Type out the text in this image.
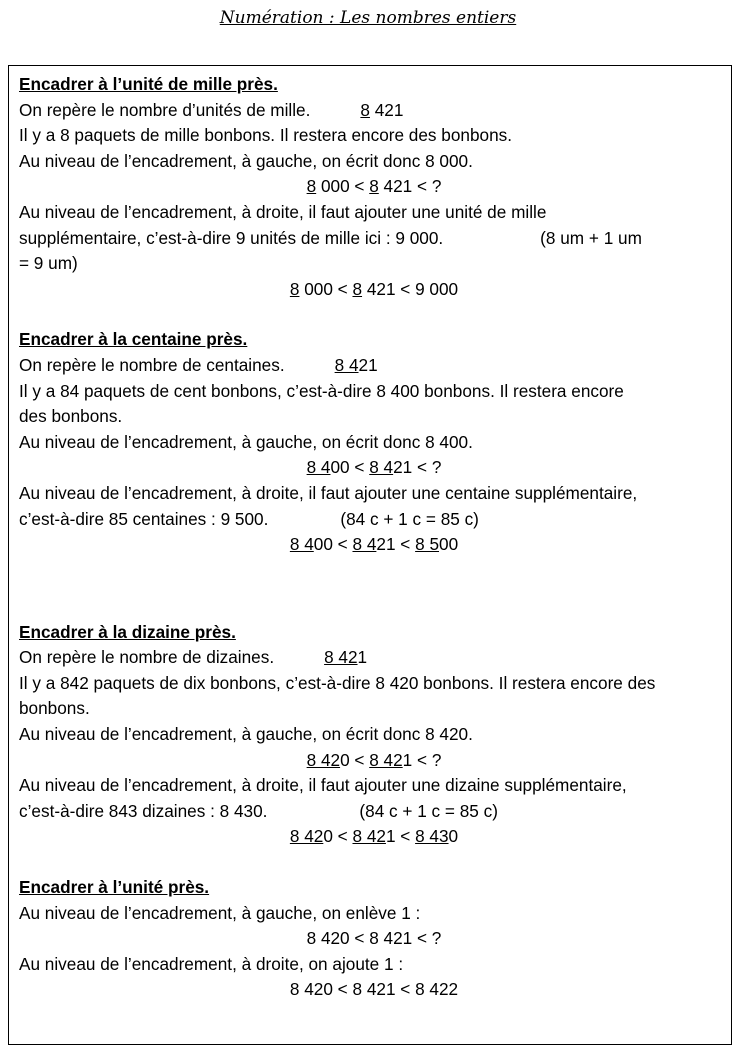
Numération : Les nombres entiers

Encadrer à l’unité de mille près.

On repère le nombre d’unités de mille.	8 421

Il y a 8 paquets de mille bonbons. Il restera encore des bonbons.

Au niveau de l’encadrement, à gauche, on écrit donc 8 000.

8 000 < 8 421 < ?

Au niveau de l’encadrement, à droite, il faut ajouter une unité de mille

supplémentaire, c’est-à-dire 9 unités de mille ici : 9 000.	(8 um + 1 um

= 9 um)

8 000 < 8 421 < 9 000

Encadrer à la centaine près.

On repère le nombre de centaines.	8 421

Il y a 84 paquets de cent bonbons, c’est-à-dire 8 400 bonbons. Il restera encore

des bonbons.

Au niveau de l’encadrement, à gauche, on écrit donc 8 400.

8 400 < 8 421 < ?

Au niveau de l’encadrement, à droite, il faut ajouter une centaine supplémentaire,

c’est-à-dire 85 centaines : 9 500.	(84 c + 1 c = 85 c)

8 400 < 8 421 < 8 500

Encadrer à la dizaine près.

On repère le nombre de dizaines.	8 421

Il y a 842 paquets de dix bonbons, c’est-à-dire 8 420 bonbons. Il restera encore des

bonbons.

Au niveau de l’encadrement, à gauche, on écrit donc 8 420.

8 420 < 8 421 < ?

Au niveau de l’encadrement, à droite, il faut ajouter une dizaine supplémentaire,

c’est-à-dire 843 dizaines : 8 430.	(84 c + 1 c = 85 c)

8 420 < 8 421 < 8 430

Encadrer à l’unité près.

Au niveau de l’encadrement, à gauche, on enlève 1 :

8 420 < 8 421 < ?

Au niveau de l’encadrement, à droite, on ajoute 1 :

8 420 < 8 421 < 8 422
